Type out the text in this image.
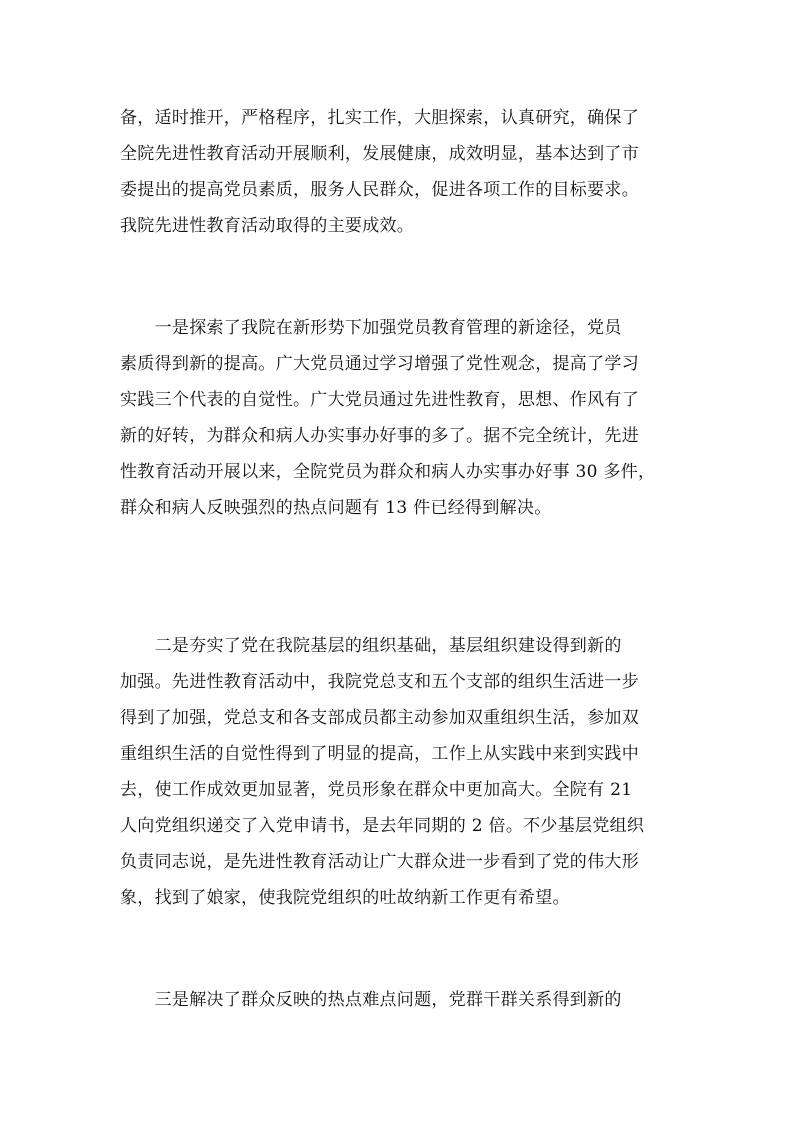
备，适时推开，严格程序，扎实工作，大胆探索，认真研究，确保了
全院先进性教育活动开展顺利，发展健康，成效明显，基本达到了市
委提出的提高党员素质，服务人民群众，促进各项工作的目标要求。
我院先进性教育活动取得的主要成效。
　　一是探索了我院在新形势下加强党员教育管理的新途径，党员
素质得到新的提高。广大党员通过学习增强了党性观念，提高了学习
实践三个代表的自觉性。广大党员通过先进性教育，思想、作风有了
新的好转，为群众和病人办实事办好事的多了。据不完全统计，先进
性教育活动开展以来，全院党员为群众和病人办实事办好事 30 多件，
群众和病人反映强烈的热点问题有 13 件已经得到解决。
　　二是夯实了党在我院基层的组织基础，基层组织建设得到新的
加强。先进性教育活动中，我院党总支和五个支部的组织生活进一步
得到了加强，党总支和各支部成员都主动参加双重组织生活，参加双
重组织生活的自觉性得到了明显的提高，工作上从实践中来到实践中
去，使工作成效更加显著，党员形象在群众中更加高大。全院有 21
人向党组织递交了入党申请书，是去年同期的 2 倍。不少基层党组织
负责同志说，是先进性教育活动让广大群众进一步看到了党的伟大形
象，找到了娘家，使我院党组织的吐故纳新工作更有希望。
　　三是解决了群众反映的热点难点问题，党群干群关系得到新的
